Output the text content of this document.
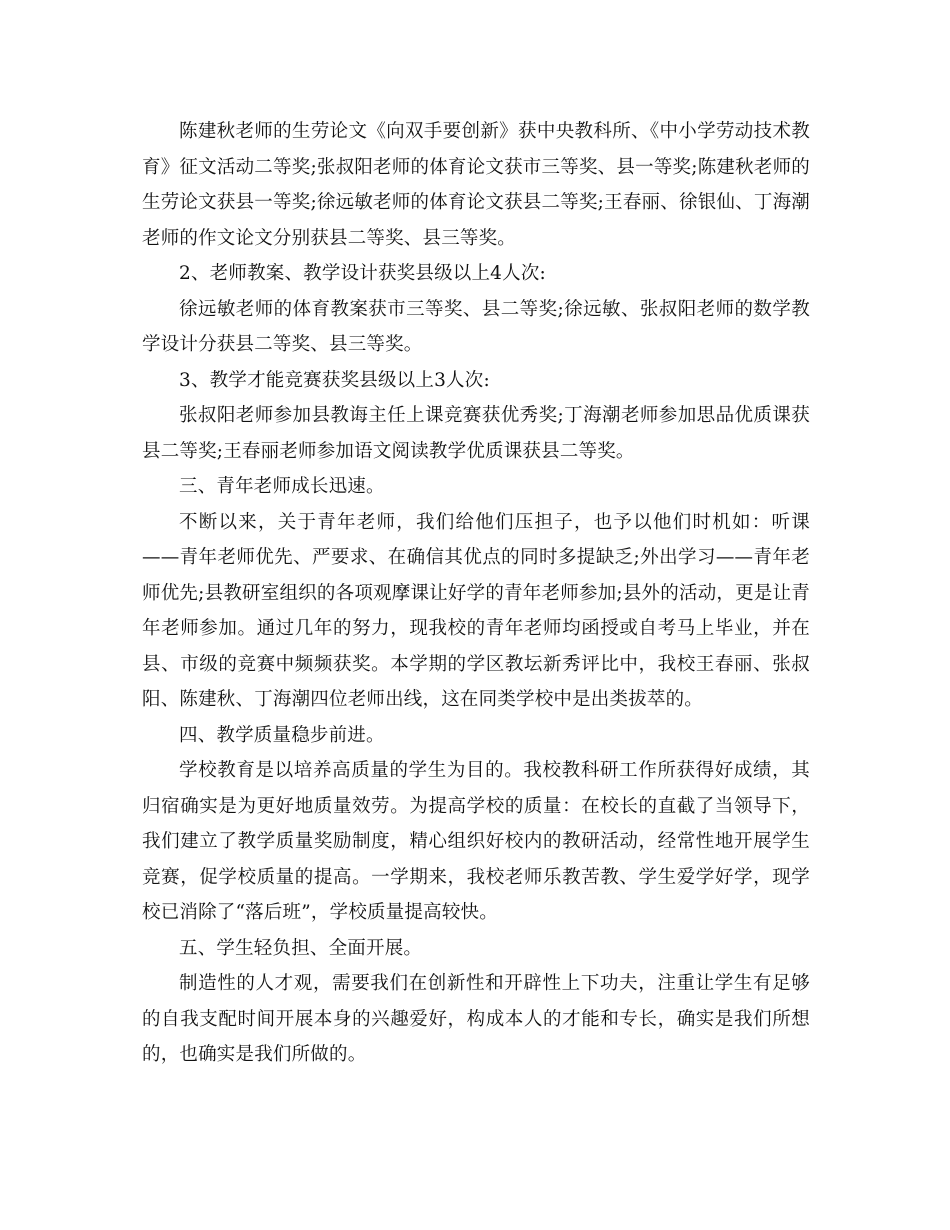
陈建秋老师的生劳论文《向双手要创新》获中央教科所、《中小学劳动技术教育》征文活动二等奖;张叔阳老师的体育论文获市三等奖、县一等奖;陈建秋老师的生劳论文获县一等奖;徐远敏老师的体育论文获县二等奖;王春丽、徐银仙、丁海潮老师的作文论文分别获县二等奖、县三等奖。

2、老师教案、教学设计获奖县级以上4人次:

徐远敏老师的体育教案获市三等奖、县二等奖;徐远敏、张叔阳老师的数学教学设计分获县二等奖、县三等奖。

3、教学才能竞赛获奖县级以上3人次:

张叔阳老师参加县教诲主任上课竞赛获优秀奖;丁海潮老师参加思品优质课获县二等奖;王春丽老师参加语文阅读教学优质课获县二等奖。

三、青年老师成长迅速。

不断以来，关于青年老师，我们给他们压担子，也予以他们时机如：听课——青年老师优先、严要求、在确信其优点的同时多提缺乏;外出学习——青年老师优先;县教研室组织的各项观摩课让好学的青年老师参加;县外的活动，更是让青年老师参加。通过几年的努力，现我校的青年老师均函授或自考马上毕业，并在县、市级的竞赛中频频获奖。本学期的学区教坛新秀评比中，我校王春丽、张叔阳、陈建秋、丁海潮四位老师出线，这在同类学校中是出类拔萃的。

四、教学质量稳步前进。

学校教育是以培养高质量的学生为目的。我校教科研工作所获得好成绩，其归宿确实是为更好地质量效劳。为提高学校的质量：在校长的直截了当领导下，我们建立了教学质量奖励制度，精心组织好校内的教研活动，经常性地开展学生竞赛，促学校质量的提高。一学期来，我校老师乐教苦教、学生爱学好学，现学校已消除了“落后班”，学校质量提高较快。

五、学生轻负担、全面开展。

制造性的人才观，需要我们在创新性和开辟性上下功夫，注重让学生有足够的自我支配时间开展本身的兴趣爱好，构成本人的才能和专长，确实是我们所想的，也确实是我们所做的。
